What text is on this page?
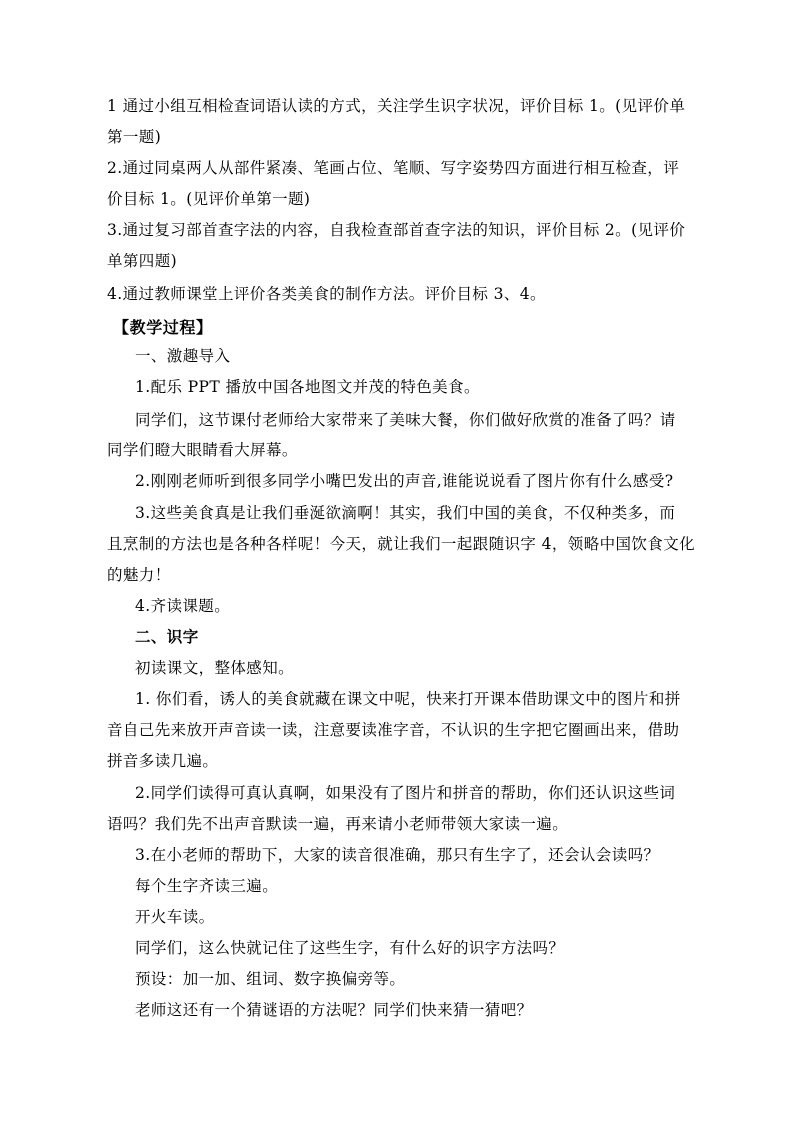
1 通过小组互相检查词语认读的方式，关注学生识字状况，评价目标 1。(见评价单
第一题)
2.通过同桌两人从部件紧凑、笔画占位、笔顺、写字姿势四方面进行相互检查，评
价目标 1。(见评价单第一题)
3.通过复习部首查字法的内容，自我检查部首查字法的知识，评价目标 2。(见评价
单第四题)
4.通过教师课堂上评价各类美食的制作方法。评价目标 3、4。
【教学过程】
一、激趣导入
1.配乐 PPT 播放中国各地图文并茂的特色美食。
同学们，这节课付老师给大家带来了美味大餐，你们做好欣赏的准备了吗？请
同学们瞪大眼睛看大屏幕。
2.刚刚老师听到很多同学小嘴巴发出的声音,谁能说说看了图片你有什么感受?
3.这些美食真是让我们垂涎欲滴啊！其实，我们中国的美食，不仅种类多，而
且烹制的方法也是各种各样呢！今天，就让我们一起跟随识字 4，领略中国饮食文化
的魅力！
4.齐读课题。
二、识字
初读课文，整体感知。
1. 你们看，诱人的美食就藏在课文中呢，快来打开课本借助课文中的图片和拼
音自己先来放开声音读一读，注意要读准字音，不认识的生字把它圈画出来，借助
拼音多读几遍。
2.同学们读得可真认真啊，如果没有了图片和拼音的帮助，你们还认识这些词
语吗？我们先不出声音默读一遍，再来请小老师带领大家读一遍。
3.在小老师的帮助下，大家的读音很准确，那只有生字了，还会认会读吗？
每个生字齐读三遍。
开火车读。
同学们，这么快就记住了这些生字，有什么好的识字方法吗？
预设：加一加、组词、数字换偏旁等。
老师这还有一个猜谜语的方法呢？同学们快来猜一猜吧？
